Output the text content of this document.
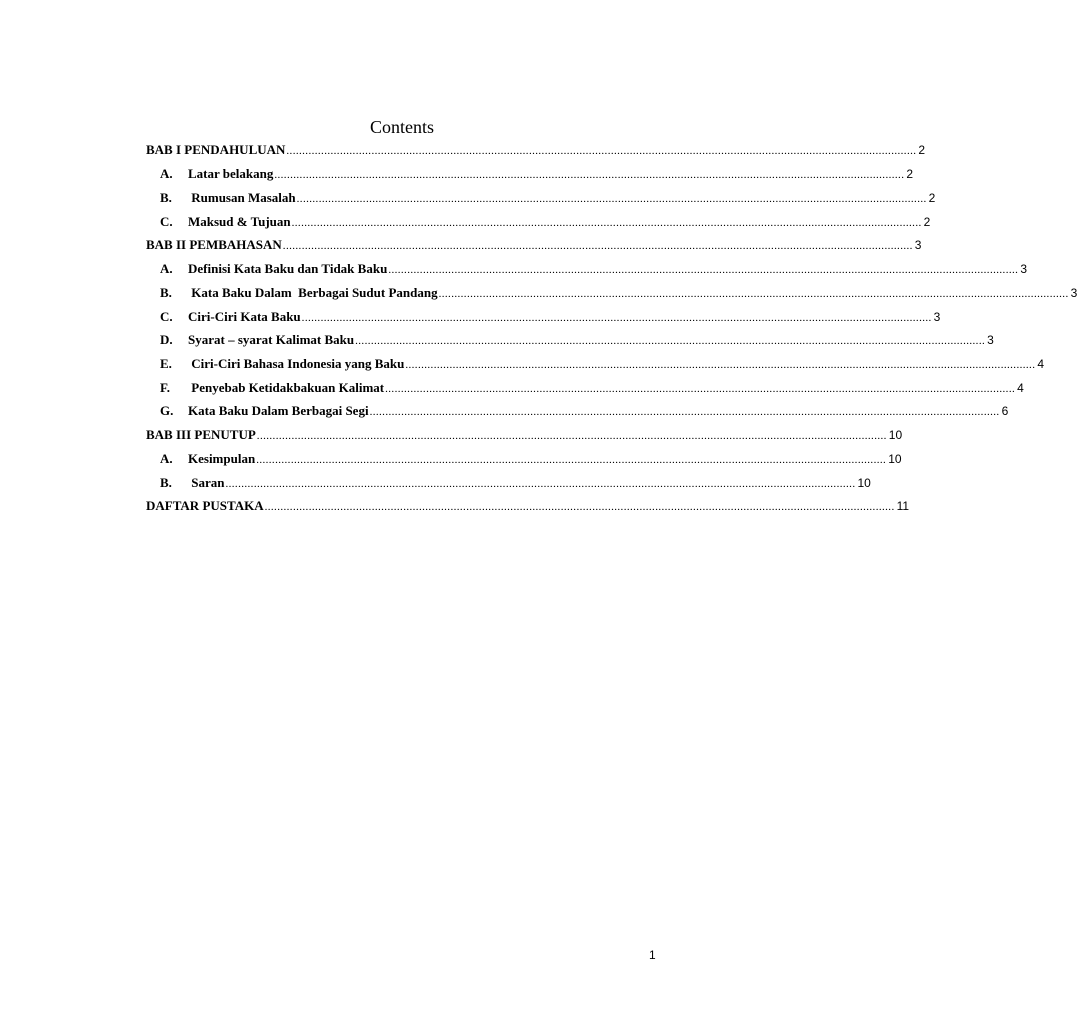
Contents
BAB I PENDAHULUAN ........................................................................................................................................................................................................ 2
A.	Latar belakang ........................................................................................................................................................................................................ 2
B.	Rumusan Masalah ........................................................................................................................................................................................................ 2
C.	Maksud & Tujuan ........................................................................................................................................................................................................ 2
BAB II PEMBAHASAN ........................................................................................................................................................................................................ 3
A.	Definisi Kata Baku dan Tidak Baku ........................................................................................................................................................................................................ 3
B.	Kata Baku Dalam  Berbagai Sudut Pandang ........................................................................................................................................................................................................ 3
C.	Ciri-Ciri Kata Baku ........................................................................................................................................................................................................ 3
D.	Syarat – syarat Kalimat Baku ........................................................................................................................................................................................................ 3
E.	Ciri-Ciri Bahasa Indonesia yang Baku ........................................................................................................................................................................................................ 4
F.	Penyebab Ketidakbakuan Kalimat ........................................................................................................................................................................................................ 4
G.	Kata Baku Dalam Berbagai Segi ........................................................................................................................................................................................................ 6
BAB III PENUTUP ........................................................................................................................................................................................................ 10
A.	Kesimpulan ........................................................................................................................................................................................................ 10
B.	Saran ........................................................................................................................................................................................................ 10
DAFTAR PUSTAKA ........................................................................................................................................................................................................ 11
1
